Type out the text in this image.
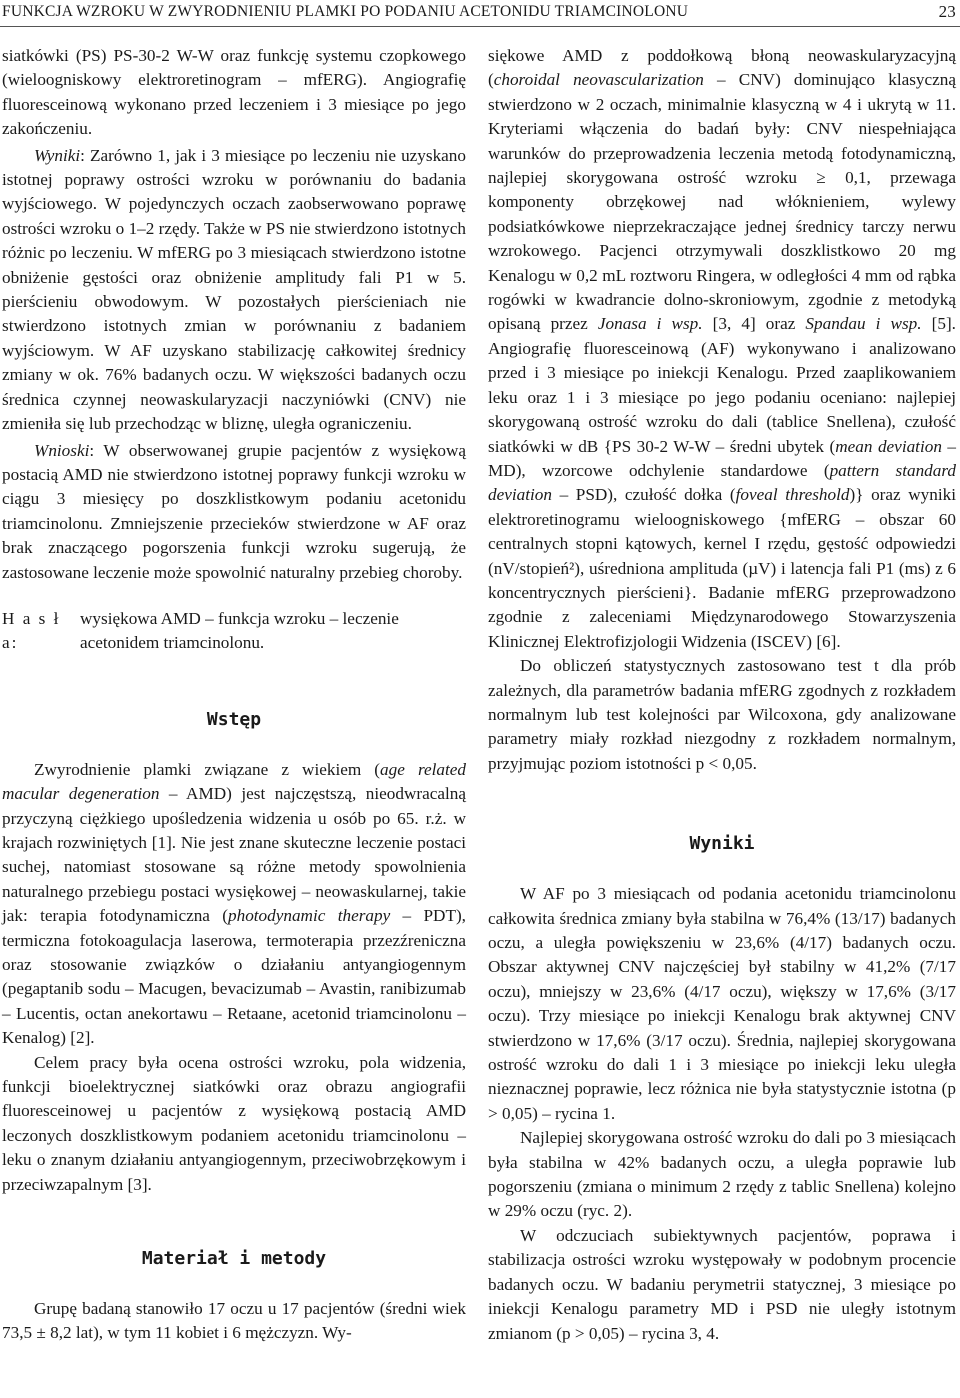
FUNKCJA WZROKU W ZWYRODNIENIU PLAMKI PO PODANIU ACETONIDU TRIAMCINOLONU	23

siatkówki (PS) PS-30-2 W-W oraz funkcję systemu czopkowego (wieloogniskowy elektroretinogram – mfERG). Angiografię fluoresceinową wykonano przed leczeniem i 3 miesiące po jego zakończeniu.

Wyniki: Zarówno 1, jak i 3 miesiące po leczeniu nie uzyskano istotnej poprawy ostrości wzroku w porównaniu do badania wyjściowego. W pojedynczych oczach zaobserwowano poprawę ostrości wzroku o 1–2 rzędy. Także w PS nie stwierdzono istotnych różnic po leczeniu. W mfERG po 3 miesiącach stwierdzono istotne obniżenie gęstości oraz obniżenie amplitudy fali P1 w 5. pierścieniu obwodowym. W pozostałych pierścieniach nie stwierdzono istotnych zmian w porównaniu z badaniem wyjściowym. W AF uzyskano stabilizację całkowitej średnicy zmiany w ok. 76% badanych oczu. W większości badanych oczu średnica czynnej neowaskularyzacji naczyniówki (CNV) nie zmieniła się lub przechodząc w bliznę, uległa ograniczeniu.

Wnioski: W obserwowanej grupie pacjentów z wysiękową postacią AMD nie stwierdzono istotnej poprawy funkcji wzroku w ciągu 3 miesięcy po doszklistkowym podaniu acetonidu triamcinolonu. Zmniejszenie przecieków stwierdzone w AF oraz brak znaczącego pogorszenia funkcji wzroku sugerują, że zastosowane leczenie może spowolnić naturalny przebieg choroby.

H a s ł a:
wysiękowa AMD – funkcja wzroku – leczenie acetonidem triamcinolonu.
Wstęp

Zwyrodnienie plamki związane z wiekiem (age related macular degeneration – AMD) jest najczęstszą, nieodwracalną przyczyną ciężkiego upośledzenia widzenia u osób po 65. r.ż. w krajach rozwiniętych [1]. Nie jest znane skuteczne leczenie postaci suchej, natomiast stosowane są różne metody spowolnienia naturalnego przebiegu postaci wysiękowej – neowaskularnej, takie jak: terapia fotodynamiczna (photodynamic therapy – PDT), termiczna fotokoagulacja laserowa, termoterapia przezźreniczna oraz stosowanie związków o działaniu antyangiogennym (pegaptanib sodu – Macugen, bevacizumab – Avastin, ranibizumab – Lucentis, octan anekortawu – Retaane, acetonid triamcinolonu – Kenalog) [2].

Celem pracy była ocena ostrości wzroku, pola widzenia, funkcji bioelektrycznej siatkówki oraz obrazu angiografii fluoresceinowej u pacjentów z wysiękową postacią AMD leczonych doszklistkowym podaniem acetonidu triamcinolonu – leku o znanym działaniu antyangiogennym, przeciwobrzękowym i przeciwzapalnym [3].

Materiał i metody

Grupę badaną stanowiło 17 oczu u 17 pacjentów (średni wiek 73,5 ± 8,2 lat), w tym 11 kobiet i 6 mężczyzn. Wy-

siękowe AMD z poddołkową błoną neowaskularyzacyjną (choroidal neovascularization – CNV) dominująco klasyczną stwierdzono w 2 oczach, minimalnie klasyczną w 4 i ukrytą w 11. Kryteriami włączenia do badań były: CNV niespełniająca warunków do przeprowadzenia leczenia metodą fotodynamiczną, najlepiej skorygowana ostrość wzroku ≥ 0,1, przewaga komponenty obrzękowej nad włóknieniem, wylewy podsiatkówkowe nieprzekraczające jednej średnicy tarczy nerwu wzrokowego. Pacjenci otrzymywali doszklistkowo 20 mg Kenalogu w 0,2 mL roztworu Ringera, w odległości 4 mm od rąbka rogówki w kwadrancie dolno-skroniowym, zgodnie z metodyką opisaną przez Jonasa i wsp. [3, 4] oraz Spandau i wsp. [5]. Angiografię fluoresceinową (AF) wykonywano i analizowano przed i 3 miesiące po iniekcji Kenalogu. Przed zaaplikowaniem leku oraz 1 i 3 miesiące po jego podaniu oceniano: najlepiej skorygowaną ostrość wzroku do dali (tablice Snellena), czułość siatkówki w dB {PS 30-2 W-W – średni ubytek (mean deviation – MD), wzorcowe odchylenie standardowe (pattern standard deviation – PSD), czułość dołka (foveal threshold)} oraz wyniki elektroretinogramu wieloogniskowego {mfERG – obszar 60 centralnych stopni kątowych, kernel I rzędu, gęstość odpowiedzi (nV/stopień²), uśredniona amplituda (µV) i latencja fali P1 (ms) z 6 koncentrycznych pierścieni}. Badanie mfERG przeprowadzono zgodnie z zaleceniami Międzynarodowego Stowarzyszenia Klinicznej Elektrofizjologii Widzenia (ISCEV) [6].

Do obliczeń statystycznych zastosowano test t dla prób zależnych, dla parametrów badania mfERG zgodnych z rozkładem normalnym lub test kolejności par Wilcoxona, gdy analizowane parametry miały rozkład niezgodny z rozkładem normalnym, przyjmując poziom istotności p < 0,05.

Wyniki

W AF po 3 miesiącach od podania acetonidu triamcinolonu całkowita średnica zmiany była stabilna w 76,4% (13/17) badanych oczu, a uległa powiększeniu w 23,6% (4/17) badanych oczu. Obszar aktywnej CNV najczęściej był stabilny w 41,2% (7/17 oczu), mniejszy w 23,6% (4/17 oczu), większy w 17,6% (3/17 oczu). Trzy miesiące po iniekcji Kenalogu brak aktywnej CNV stwierdzono w 17,6% (3/17 oczu). Średnia, najlepiej skorygowana ostrość wzroku do dali 1 i 3 miesiące po iniekcji leku uległa nieznacznej poprawie, lecz różnica nie była statystycznie istotna (p > 0,05) – rycina 1.

Najlepiej skorygowana ostrość wzroku do dali po 3 miesiącach była stabilna w 42% badanych oczu, a uległa poprawie lub pogorszeniu (zmiana o minimum 2 rzędy z tablic Snellena) kolejno w 29% oczu (ryc. 2).

W odczuciach subiektywnych pacjentów, poprawa i stabilizacja ostrości wzroku występowały w podobnym procencie badanych oczu. W badaniu perymetrii statycznej, 3 miesiące po iniekcji Kenalogu parametry MD i PSD nie uległy istotnym zmianom (p > 0,05) – rycina 3, 4.
